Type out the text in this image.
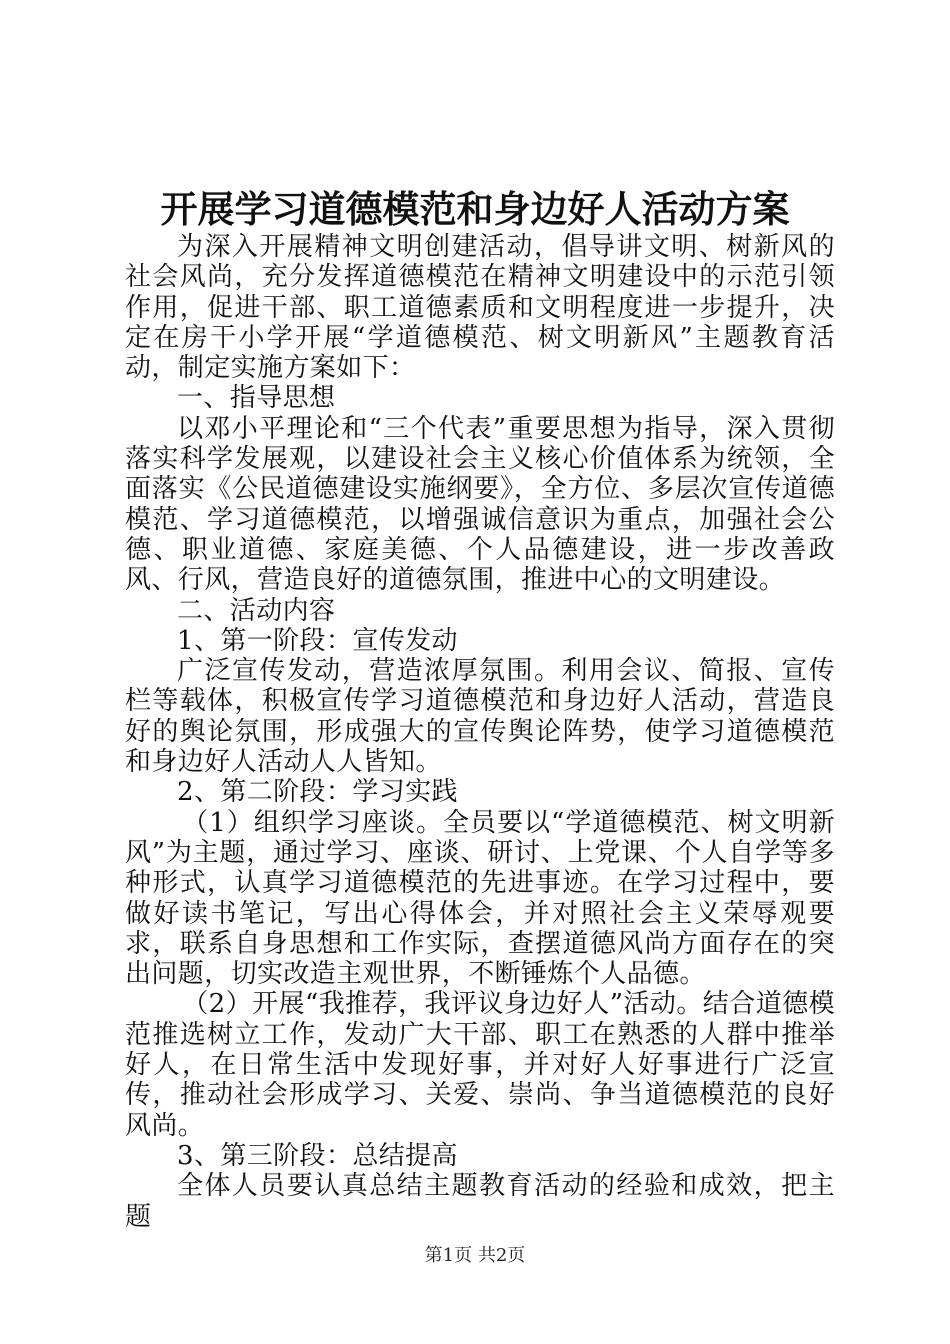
开展学习道德模范和身边好人活动方案

为深入开展精神文明创建活动，倡导讲文明、树新风的社会风尚，充分发挥道德模范在精神文明建设中的示范引领作用，促进干部、职工道德素质和文明程度进一步提升，决定在房干小学开展“学道德模范、树文明新风”主题教育活动，制定实施方案如下：

一、指导思想

以邓小平理论和“三个代表”重要思想为指导，深入贯彻落实科学发展观，以建设社会主义核心价值体系为统领，全面落实《公民道德建设实施纲要》，全方位、多层次宣传道德模范、学习道德模范，以增强诚信意识为重点，加强社会公德、职业道德、家庭美德、个人品德建设，进一步改善政风、行风，营造良好的道德氛围，推进中心的文明建设。

二、活动内容

1、第一阶段：宣传发动

广泛宣传发动，营造浓厚氛围。利用会议、简报、宣传栏等载体，积极宣传学习道德模范和身边好人活动，营造良好的舆论氛围，形成强大的宣传舆论阵势，使学习道德模范和身边好人活动人人皆知。

2、第二阶段：学习实践

（1）组织学习座谈。全员要以“学道德模范、树文明新风”为主题，通过学习、座谈、研讨、上党课、个人自学等多种形式，认真学习道德模范的先进事迹。在学习过程中，要做好读书笔记，写出心得体会，并对照社会主义荣辱观要求，联系自身思想和工作实际，查摆道德风尚方面存在的突出问题，切实改造主观世界，不断锤炼个人品德。

（2）开展“我推荐，我评议身边好人”活动。结合道德模范推选树立工作，发动广大干部、职工在熟悉的人群中推举好人，在日常生活中发现好事，并对好人好事进行广泛宣传，推动社会形成学习、关爱、崇尚、争当道德模范的良好风尚。

3、第三阶段：总结提高

全体人员要认真总结主题教育活动的经验和成效，把主题

第1页 共2页
